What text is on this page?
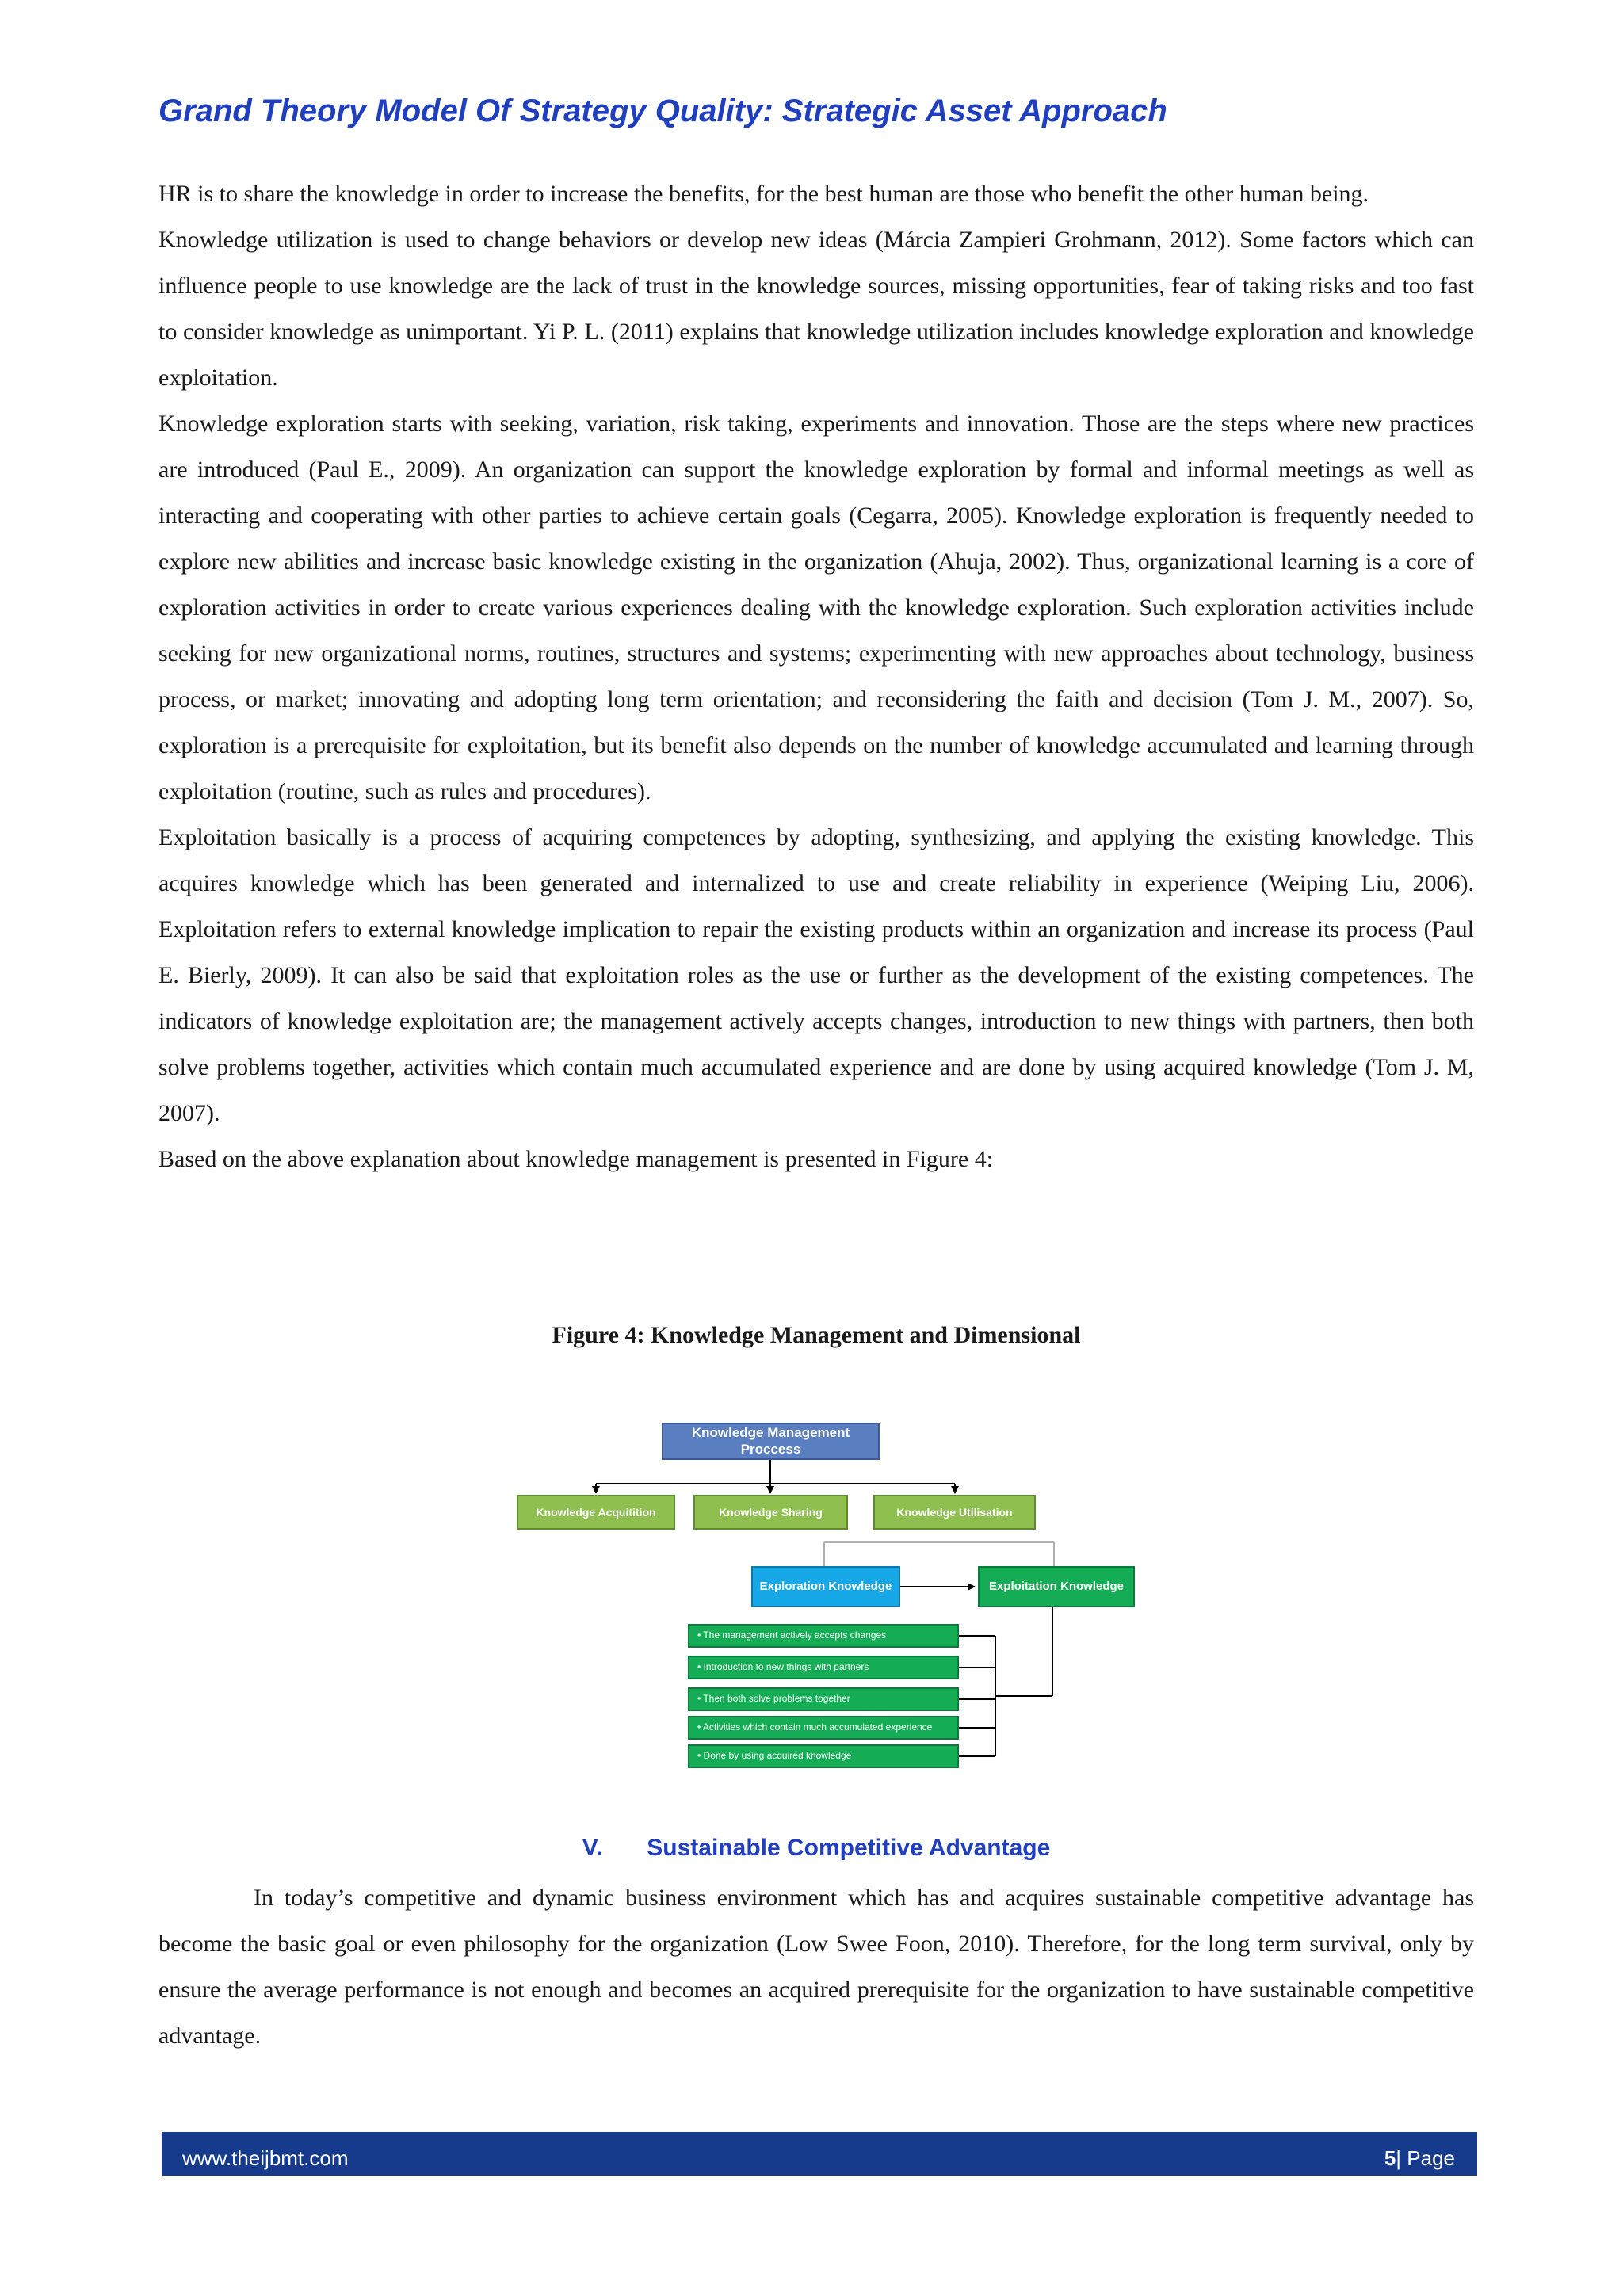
Grand Theory Model Of Strategy Quality: Strategic Asset Approach

HR is to share the knowledge in order to increase the benefits, for the best human are those who benefit the other human being.

Knowledge utilization is used to change behaviors or develop new ideas (Márcia Zampieri Grohmann, 2012). Some factors which can influence people to use knowledge are the lack of trust in the knowledge sources, missing opportunities, fear of taking risks and too fast to consider knowledge as unimportant. Yi P. L. (2011) explains that knowledge utilization includes knowledge exploration and knowledge exploitation.

Knowledge exploration starts with seeking, variation, risk taking, experiments and innovation. Those are the steps where new practices are introduced (Paul E., 2009). An organization can support the knowledge exploration by formal and informal meetings as well as interacting and cooperating with other parties to achieve certain goals (Cegarra, 2005). Knowledge exploration is frequently needed to explore new abilities and increase basic knowledge existing in the organization (Ahuja, 2002). Thus, organizational learning is a core of exploration activities in order to create various experiences dealing with the knowledge exploration. Such exploration activities include seeking for new organizational norms, routines, structures and systems; experimenting with new approaches about technology, business process, or market; innovating and adopting long term orientation; and reconsidering the faith and decision (Tom J. M., 2007). So, exploration is a prerequisite for exploitation, but its benefit also depends on the number of knowledge accumulated and learning through exploitation (routine, such as rules and procedures).

Exploitation basically is a process of acquiring competences by adopting, synthesizing, and applying the existing knowledge. This acquires knowledge which has been generated and internalized to use and create reliability in experience (Weiping Liu, 2006). Exploitation refers to external knowledge implication to repair the existing products within an organization and increase its process (Paul E. Bierly, 2009). It can also be said that exploitation roles as the use or further as the development of the existing competences. The indicators of knowledge exploitation are; the management actively accepts changes, introduction to new things with partners, then both solve problems together, activities which contain much accumulated experience and are done by using acquired knowledge (Tom J. M, 2007).

Based on the above explanation about knowledge management is presented in Figure 4:

Figure 4: Knowledge Management and Dimensional

Knowledge Management Proccess
Knowledge Acquitition	Knowledge Sharing	Knowledge Utilisation
Exploration Knowledge	Exploitation Knowledge
• The management actively accepts changes
• Introduction to new things with partners
• Then both solve problems together
• Activities which contain much accumulated experience
• Done by using acquired knowledge
V. Sustainable Competitive Advantage

In today’s competitive and dynamic business environment which has and acquires sustainable competitive advantage has become the basic goal or even philosophy for the organization (Low Swee Foon, 2010). Therefore, for the long term survival, only by ensure the average performance is not enough and becomes an acquired prerequisite for the organization to have sustainable competitive advantage.

www.theijbmt.com	5| Page
